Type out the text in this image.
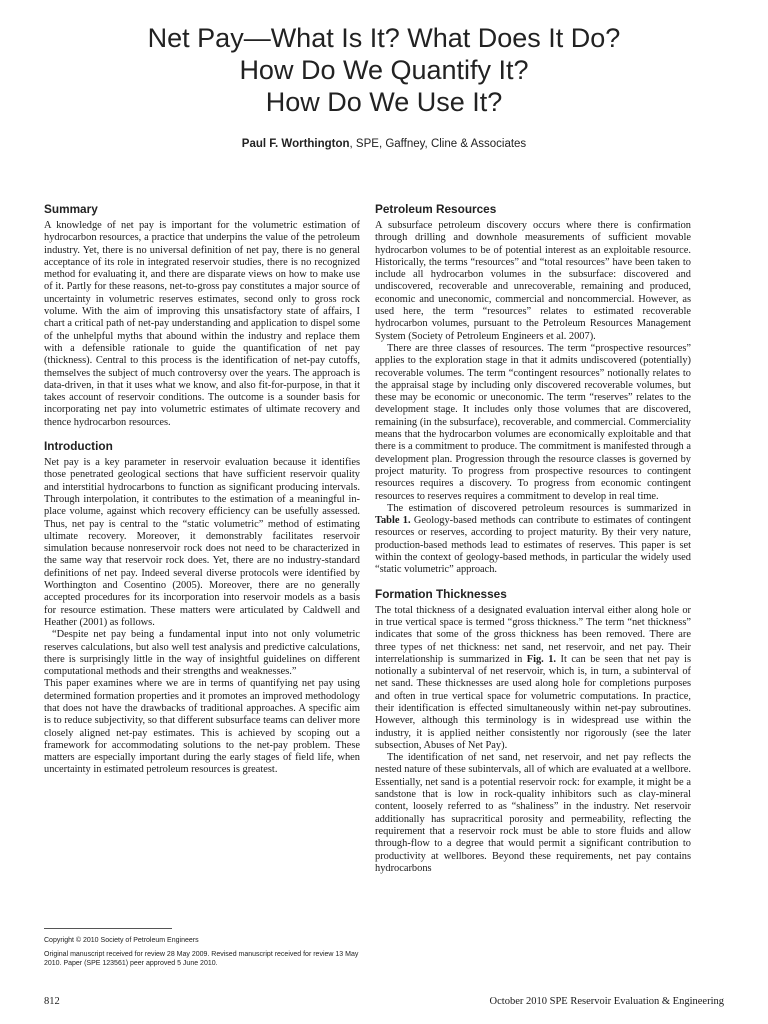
Net Pay—What Is It? What Does It Do?
How Do We Quantify It?
How Do We Use It?
Paul F. Worthington, SPE, Gaffney, Cline & Associates
Summary

A knowledge of net pay is important for the volumetric estimation of hydrocarbon resources, a practice that underpins the value of the petroleum industry. Yet, there is no universal definition of net pay, there is no general acceptance of its role in integrated reservoir studies, there is no recognized method for evaluating it, and there are disparate views on how to make use of it. Partly for these reasons, net-to-gross pay constitutes a major source of uncertainty in volumetric reserves estimates, second only to gross rock volume. With the aim of improving this unsatisfactory state of affairs, I chart a critical path of net-pay understanding and application to dispel some of the unhelpful myths that abound within the industry and replace them with a defensible rationale to guide the quantification of net pay (thickness). Central to this process is the identification of net-pay cutoffs, themselves the subject of much controversy over the years. The approach is data-driven, in that it uses what we know, and also fit-for-purpose, in that it takes account of reservoir conditions. The outcome is a sounder basis for incorporating net pay into volumetric estimates of ultimate recovery and thence hydrocarbon resources.

Introduction

Net pay is a key parameter in reservoir evaluation because it identifies those penetrated geological sections that have sufficient reservoir quality and interstitial hydrocarbons to function as significant producing intervals. Through interpolation, it contributes to the estimation of a meaningful in-place volume, against which recovery efficiency can be usefully assessed. Thus, net pay is central to the “static volumetric” method of estimating ultimate recovery. Moreover, it demonstrably facilitates reservoir simulation because nonreservoir rock does not need to be characterized in the same way that reservoir rock does. Yet, there are no industry-standard definitions of net pay. Indeed several diverse protocols were identified by Worthington and Cosentino (2005). Moreover, there are no generally accepted procedures for its incorporation into reservoir models as a basis for resource estimation. These matters were articulated by Caldwell and Heather (2001) as follows.

“Despite net pay being a fundamental input into not only volumetric reserves calculations, but also well test analysis and predictive calculations, there is surprisingly little in the way of insightful guidelines on different computational methods and their strengths and weaknesses.”

This paper examines where we are in terms of quantifying net pay using determined formation properties and it promotes an improved methodology that does not have the drawbacks of traditional approaches. A specific aim is to reduce subjectivity, so that different subsurface teams can deliver more closely aligned net-pay estimates. This is achieved by scoping out a framework for accommodating solutions to the net-pay problem. These matters are especially important during the early stages of field life, when uncertainty in estimated petroleum resources is greatest.

Petroleum Resources

A subsurface petroleum discovery occurs where there is confirmation through drilling and downhole measurements of sufficient movable hydrocarbon volumes to be of potential interest as an exploitable resource. Historically, the terms “resources” and “total resources” have been taken to include all hydrocarbon volumes in the subsurface: discovered and undiscovered, recoverable and unrecoverable, remaining and produced, economic and uneconomic, commercial and noncommercial. However, as used here, the term “resources” relates to estimated recoverable hydrocarbon volumes, pursuant to the Petroleum Resources Management System (Society of Petroleum Engineers et al. 2007).

There are three classes of resources. The term “prospective resources” applies to the exploration stage in that it admits undiscovered (potentially) recoverable volumes. The term “contingent resources” notionally relates to the appraisal stage by including only discovered recoverable volumes, but these may be economic or uneconomic. The term “reserves” relates to the development stage. It includes only those volumes that are discovered, remaining (in the subsurface), recoverable, and commercial. Commerciality means that the hydrocarbon volumes are economically exploitable and that there is a commitment to produce. The commitment is manifested through a development plan. Progression through the resource classes is governed by project maturity. To progress from prospective resources to contingent resources requires a discovery. To progress from economic contingent resources to reserves requires a commitment to develop in real time.

The estimation of discovered petroleum resources is summarized in Table 1. Geology-based methods can contribute to estimates of contingent resources or reserves, according to project maturity. By their very nature, production-based methods lead to estimates of reserves. This paper is set within the context of geology-based methods, in particular the widely used “static volumetric” approach.

Formation Thicknesses

The total thickness of a designated evaluation interval either along hole or in true vertical space is termed “gross thickness.” The term “net thickness” indicates that some of the gross thickness has been removed. There are three types of net thickness: net sand, net reservoir, and net pay. Their interrelationship is summarized in Fig. 1. It can be seen that net pay is notionally a subinterval of net reservoir, which is, in turn, a subinterval of net sand. These thicknesses are used along hole for completions purposes and often in true vertical space for volumetric computations. In practice, their identification is effected simultaneously within net-pay subroutines. However, although this terminology is in widespread use within the industry, it is applied neither consistently nor rigorously (see the later subsection, Abuses of Net Pay).

The identification of net sand, net reservoir, and net pay reflects the nested nature of these subintervals, all of which are evaluated at a wellbore. Essentially, net sand is a potential reservoir rock: for example, it might be a sandstone that is low in rock-quality inhibitors such as clay-mineral content, loosely referred to as “shaliness” in the industry. Net reservoir additionally has supracritical porosity and permeability, reflecting the requirement that a reservoir rock must be able to store fluids and allow through-flow to a degree that would permit a significant contribution to productivity at wellbores. Beyond these requirements, net pay contains hydrocarbons

Copyright © 2010 Society of Petroleum Engineers

Original manuscript received for review 28 May 2009. Revised manuscript received for review 13 May 2010. Paper (SPE 123561) peer approved 5 June 2010.

812	October 2010 SPE Reservoir Evaluation & Engineering
